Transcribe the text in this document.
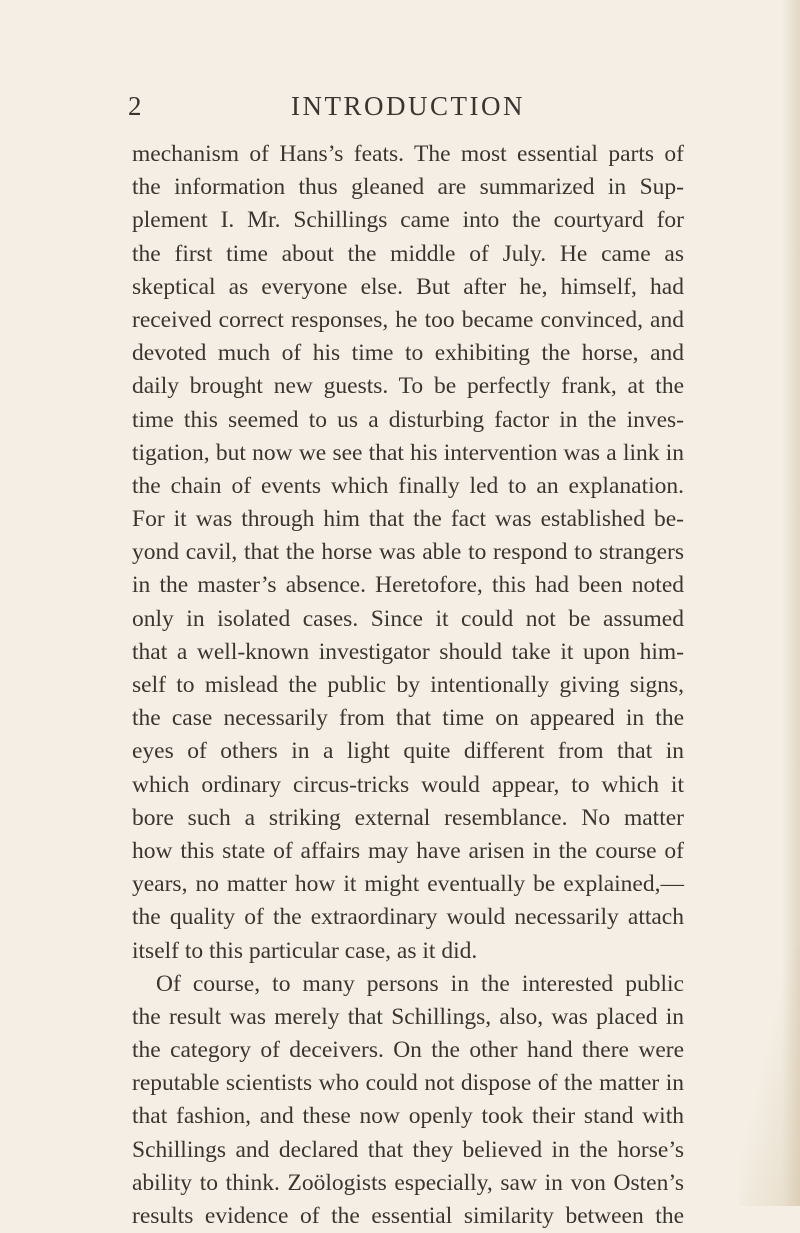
2	INTRODUCTION
mechanism of Hans’s feats. The most essential parts of
the information thus gleaned are summarized in Sup-
plement I. Mr. Schillings came into the courtyard for
the first time about the middle of July. He came as
skeptical as everyone else. But after he, himself, had
received correct responses, he too became convinced, and
devoted much of his time to exhibiting the horse, and
daily brought new guests. To be perfectly frank, at the
time this seemed to us a disturbing factor in the inves-
tigation, but now we see that his intervention was a link in
the chain of events which finally led to an explanation.
For it was through him that the fact was established be-
yond cavil, that the horse was able to respond to strangers
in the master’s absence. Heretofore, this had been noted
only in isolated cases. Since it could not be assumed
that a well-known investigator should take it upon him-
self to mislead the public by intentionally giving signs,
the case necessarily from that time on appeared in the
eyes of others in a light quite different from that in
which ordinary circus-tricks would appear, to which it
bore such a striking external resemblance. No matter
how this state of affairs may have arisen in the course of
years, no matter how it might eventually be explained,—
the quality of the extraordinary would necessarily attach
itself to this particular case, as it did.
Of course, to many persons in the interested public
the result was merely that Schillings, also, was placed in
the category of deceivers. On the other hand there were
reputable scientists who could not dispose of the matter in
that fashion, and these now openly took their stand with
Schillings and declared that they believed in the horse’s
ability to think. Zoölogists especially, saw in von Osten’s
results evidence of the essential similarity between the
